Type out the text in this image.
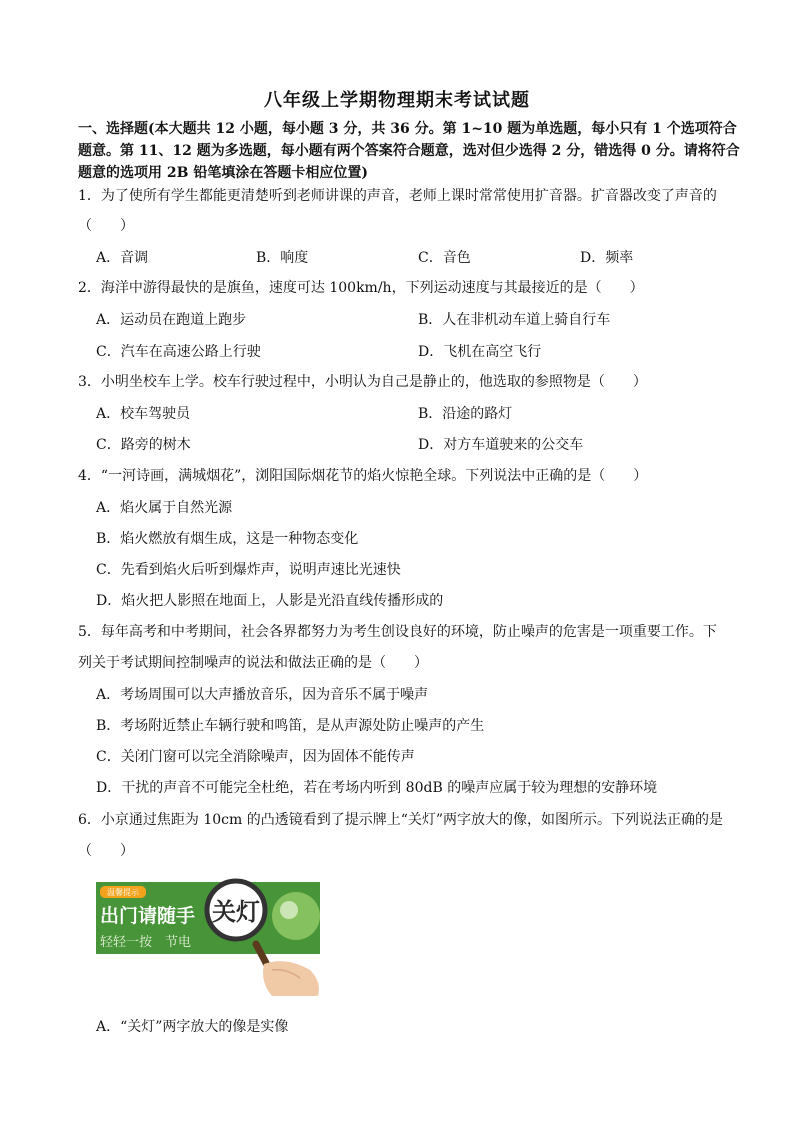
八年级上学期物理期末考试试题
一、选择题(本大题共 12 小题，每小题 3 分，共 36 分。第 1~10 题为单选题，每小只有 1 个选项符合题意。第 11、12 题为多选题，每小题有两个答案符合题意，选对但少选得 2 分，错选得 0 分。请将符合题意的选项用 2B 铅笔填涂在答题卡相应位置)
1．为了使所有学生都能更清楚听到老师讲课的声音，老师上课时常常使用扩音器。扩音器改变了声音的
（　　）
A．音调	B．响度	C．音色	D．频率
2．海洋中游得最快的是旗鱼，速度可达 100km/h，下列运动速度与其最接近的是（　　）
A．运动员在跑道上跑步	B．人在非机动车道上骑自行车
C．汽车在高速公路上行驶	D．飞机在高空飞行
3．小明坐校车上学。校车行驶过程中，小明认为自己是静止的，他选取的参照物是（　　）
A．校车驾驶员	B．沿途的路灯
C．路旁的树木	D．对方车道驶来的公交车
4．“一河诗画，满城烟花”，浏阳国际烟花节的焰火惊艳全球。下列说法中正确的是（　　）
A．焰火属于自然光源
B．焰火燃放有烟生成，这是一种物态变化
C．先看到焰火后听到爆炸声，说明声速比光速快
D．焰火把人影照在地面上，人影是光沿直线传播形成的
5．每年高考和中考期间，社会各界都努力为考生创设良好的环境，防止噪声的危害是一项重要工作。下
列关于考试期间控制噪声的说法和做法正确的是（　　）
A．考场周围可以大声播放音乐，因为音乐不属于噪声
B．考场附近禁止车辆行驶和鸣笛，是从声源处防止噪声的产生
C．关闭门窗可以完全消除噪声，因为固体不能传声
D．干扰的声音不可能完全杜绝，若在考场内听到 80dB 的噪声应属于较为理想的安静环境
6．小京通过焦距为 10cm 的凸透镜看到了提示牌上“关灯”两字放大的像，如图所示。下列说法正确的是
（　　）
温馨提示
出门请随手
轻轻一按　节电
关灯
A．“关灯”两字放大的像是实像
